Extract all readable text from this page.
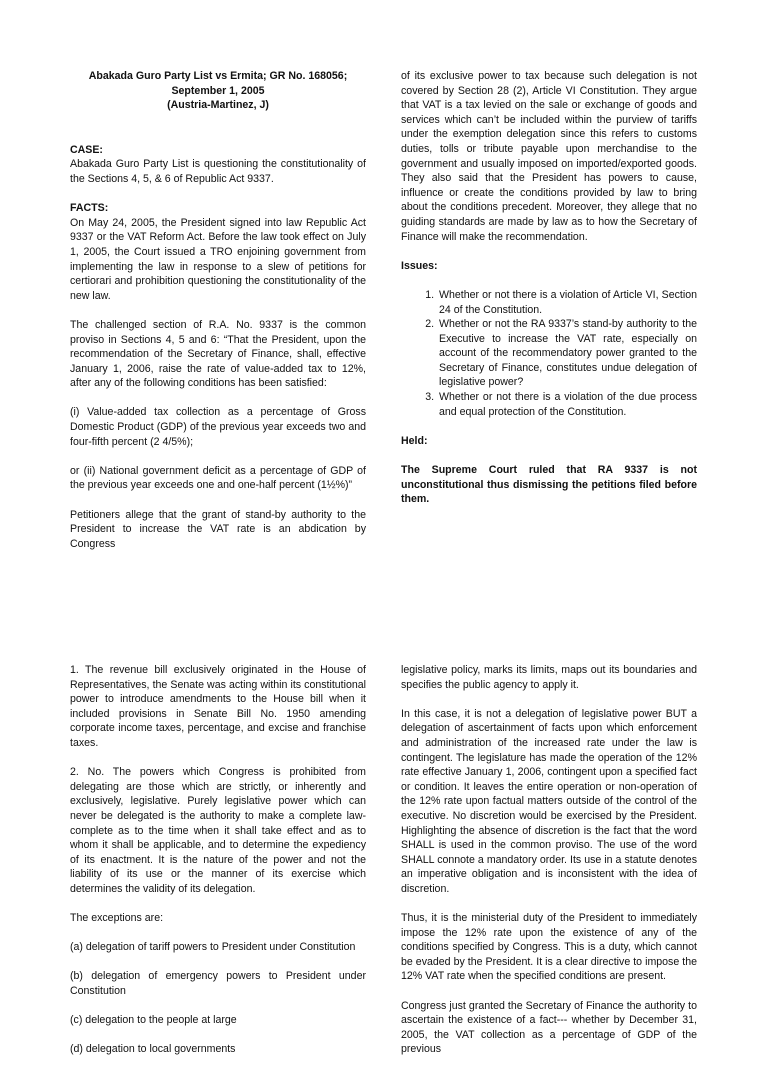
Abakada Guro Party List vs Ermita; GR No. 168056;
September 1, 2005
(Austria-Martinez, J)

CASE:

Abakada Guro Party List is questioning the constitutionality of the Sections 4, 5, & 6 of Republic Act 9337.

FACTS:

On May 24, 2005, the President signed into law Republic Act 9337 or the VAT Reform Act. Before the law took effect on July 1, 2005, the Court issued a TRO enjoining government from implementing the law in response to a slew of petitions for certiorari and prohibition questioning the constitutionality of the new law.

The challenged section of R.A. No. 9337 is the common proviso in Sections 4, 5 and 6: “That the President, upon the recommendation of the Secretary of Finance, shall, effective January 1, 2006, raise the rate of value-added tax to 12%, after any of the following conditions has been satisfied:

(i) Value-added tax collection as a percentage of Gross Domestic Product (GDP) of the previous year exceeds two and four-fifth percent (2 4/5%);

or (ii) National government deficit as a percentage of GDP of the previous year exceeds one and one-half percent (1½%)”

Petitioners allege that the grant of stand-by authority to the President to increase the VAT rate is an abdication by Congress

of its exclusive power to tax because such delegation is not covered by Section 28 (2), Article VI Constitution. They argue that VAT is a tax levied on the sale or exchange of goods and services which can’t be included within the purview of tariffs under the exemption delegation since this refers to customs duties, tolls or tribute payable upon merchandise to the government and usually imposed on imported/exported goods. They also said that the President has powers to cause, influence or create the conditions provided by law to bring about the conditions precedent. Moreover, they allege that no guiding standards are made by law as to how the Secretary of Finance will make the recommendation.

Issues:
1. Whether or not there is a violation of Article VI, Section 24 of the Constitution.
2. Whether or not the RA 9337’s stand-by authority to the Executive to increase the VAT rate, especially on account of the recommendatory power granted to the Secretary of Finance, constitutes undue delegation of legislative power?
3. Whether or not there is a violation of the due process and equal protection of the Constitution.
Held:

The Supreme Court ruled that RA 9337 is not unconstitutional thus dismissing the petitions filed before them.

1. The revenue bill exclusively originated in the House of Representatives, the Senate was acting within its constitutional power to introduce amendments to the House bill when it included provisions in Senate Bill No. 1950 amending corporate income taxes, percentage, and excise and franchise taxes.

2. No. The powers which Congress is prohibited from delegating are those which are strictly, or inherently and exclusively, legislative. Purely legislative power which can never be delegated is the authority to make a complete law- complete as to the time when it shall take effect and as to whom it shall be applicable, and to determine the expediency of its enactment. It is the nature of the power and not the liability of its use or the manner of its exercise which determines the validity of its delegation.

The exceptions are:

(a) delegation of tariff powers to President under Constitution

(b) delegation of emergency powers to President under Constitution

(c) delegation to the people at large

(d) delegation to local governments

legislative policy, marks its limits, maps out its boundaries and specifies the public agency to apply it.

In this case, it is not a delegation of legislative power BUT a delegation of ascertainment of facts upon which enforcement and administration of the increased rate under the law is contingent. The legislature has made the operation of the 12% rate effective January 1, 2006, contingent upon a specified fact or condition. It leaves the entire operation or non-operation of the 12% rate upon factual matters outside of the control of the executive. No discretion would be exercised by the President. Highlighting the absence of discretion is the fact that the word SHALL is used in the common proviso. The use of the word SHALL connote a mandatory order. Its use in a statute denotes an imperative obligation and is inconsistent with the idea of discretion.

Thus, it is the ministerial duty of the President to immediately impose the 12% rate upon the existence of any of the conditions specified by Congress. This is a duty, which cannot be evaded by the President. It is a clear directive to impose the 12% VAT rate when the specified conditions are present.

Congress just granted the Secretary of Finance the authority to ascertain the existence of a fact--- whether by December 31, 2005, the VAT collection as a percentage of GDP of the previous
